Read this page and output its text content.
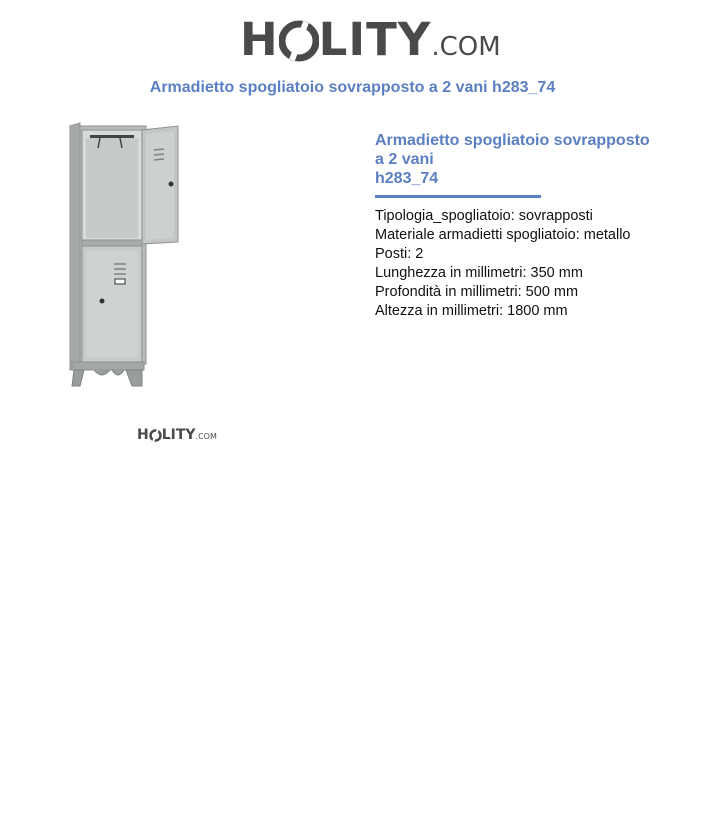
H LITY.COM
Armadietto spogliatoio sovrapposto a 2 vani h283_74
H LITY.COM
Armadietto spogliatoio sovrapposto
a 2 vani
h283_74
Tipologia_spogliatoio: sovrapposti
Materiale armadietti spogliatoio: metallo
Posti: 2
Lunghezza in millimetri: 350 mm
Profondità in millimetri: 500 mm
Altezza in millimetri: 1800 mm
